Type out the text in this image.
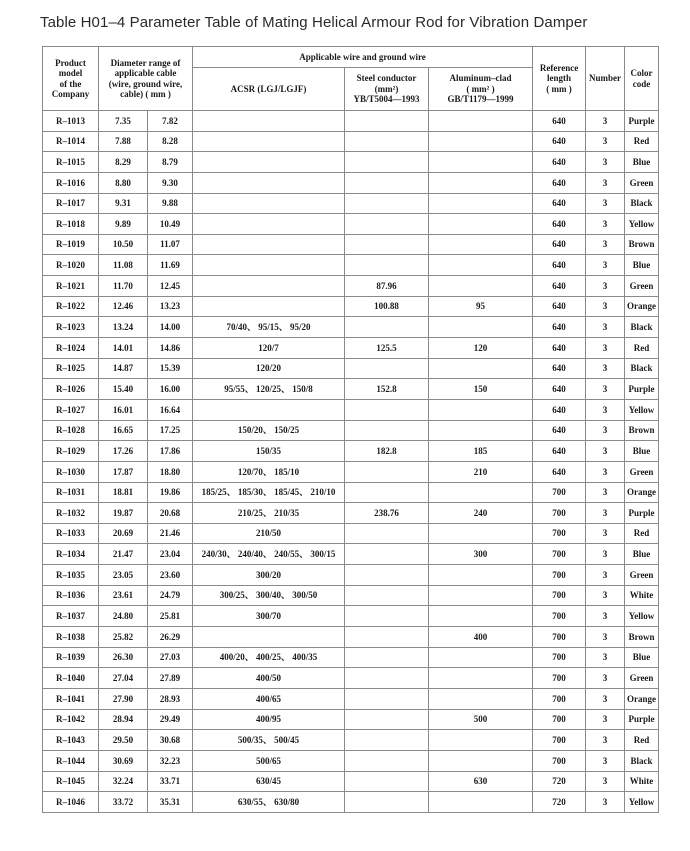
Table H01–4 Parameter Table of Mating Helical Armour Rod for Vibration Damper
Product
model
of the
Company	Diameter range of
applicable cable
(wire, ground wire,
cable) ( mm )		Applicable wire and ground wire			Reference
length
( mm )	Number	Color
code
			ACSR (LGJ/LGJF)	Steel conductor
(mm²)
YB/T5004—1993	Aluminum–clad
( mm² )
GB/T1179—1999			
R–1013	7.35	7.82				640	3	Purple
R–1014	7.88	8.28				640	3	Red
R–1015	8.29	8.79				640	3	Blue
R–1016	8.80	9.30				640	3	Green
R–1017	9.31	9.88				640	3	Black
R–1018	9.89	10.49				640	3	Yellow
R–1019	10.50	11.07				640	3	Brown
R–1020	11.08	11.69				640	3	Blue
R–1021	11.70	12.45		87.96		640	3	Green
R–1022	12.46	13.23		100.88	95	640	3	Orange
R–1023	13.24	14.00	70/40、 95/15、 95/20			640	3	Black
R–1024	14.01	14.86	120/7	125.5	120	640	3	Red
R–1025	14.87	15.39	120/20			640	3	Black
R–1026	15.40	16.00	95/55、 120/25、 150/8	152.8	150	640	3	Purple
R–1027	16.01	16.64				640	3	Yellow
R–1028	16.65	17.25	150/20、 150/25			640	3	Brown
R–1029	17.26	17.86	150/35	182.8	185	640	3	Blue
R–1030	17.87	18.80	120/70、 185/10		210	640	3	Green
R–1031	18.81	19.86	185/25、 185/30、 185/45、 210/10			700	3	Orange
R–1032	19.87	20.68	210/25、 210/35	238.76	240	700	3	Purple
R–1033	20.69	21.46	210/50			700	3	Red
R–1034	21.47	23.04	240/30、 240/40、 240/55、 300/15		300	700	3	Blue
R–1035	23.05	23.60	300/20			700	3	Green
R–1036	23.61	24.79	300/25、 300/40、 300/50			700	3	White
R–1037	24.80	25.81	300/70			700	3	Yellow
R–1038	25.82	26.29			400	700	3	Brown
R–1039	26.30	27.03	400/20、 400/25、 400/35			700	3	Blue
R–1040	27.04	27.89	400/50			700	3	Green
R–1041	27.90	28.93	400/65			700	3	Orange
R–1042	28.94	29.49	400/95		500	700	3	Purple
R–1043	29.50	30.68	500/35、 500/45			700	3	Red
R–1044	30.69	32.23	500/65			700	3	Black
R–1045	32.24	33.71	630/45		630	720	3	White
R–1046	33.72	35.31	630/55、 630/80			720	3	Yellow
